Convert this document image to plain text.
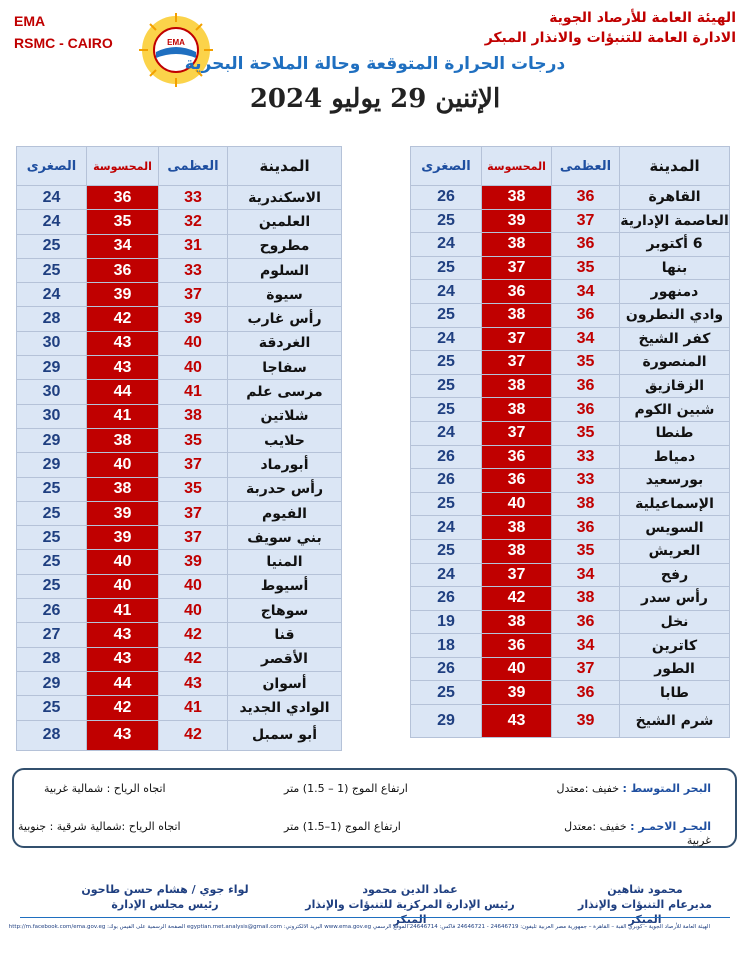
EMA
RSMC - CAIRO	EMA
الهيئة العامة للأرصاد الجوية
الادارة العامة للتنبؤات والانذار المبكر
درجات الحرارة المتوقعة وحالة الملاحة البحرية
الإثنين 29 يوليو 2024
المدينة	العظمى	المحسوسة	الصغرى
القاهرة	36	38	26
العاصمة الإدارية	37	39	25
6 أكتوبر	36	38	24
بنها	35	37	25
دمنهور	34	36	24
وادي النطرون	36	38	25
كفر الشيخ	34	37	24
المنصورة	35	37	25
الزقازيق	36	38	25
شبين الكوم	36	38	25
طنطا	35	37	24
دمياط	33	36	26
بورسعيد	33	36	26
الإسماعيلية	38	40	25
السويس	36	38	24
العريش	35	38	25
رفح	34	37	24
رأس سدر	38	42	26
نخل	36	38	19
كاترين	34	36	18
الطور	37	40	26
طابا	36	39	25
شرم الشيخ	39	43	29
المدينة	العظمى	المحسوسة	الصغرى
الاسكندرية	33	36	24
العلمين	32	35	24
مطروح	31	34	25
السلوم	33	36	25
سيوة	37	39	24
رأس غارب	39	42	28
الغردقة	40	43	30
سفاجا	40	43	29
مرسى علم	41	44	30
شلاتين	38	41	30
حلايب	35	38	29
أبورماد	37	40	29
رأس حدربة	35	38	25
الفيوم	37	39	25
بني سويف	37	39	25
المنيا	39	40	25
أسيوط	40	40	25
سوهاج	40	41	26
قنا	42	43	27
الأقصر	42	43	28
أسوان	43	44	29
الوادي الجديد	41	42	25
أبو سمبل	42	43	28
البحر المتوسط : خفيف :معتدل
ارتفاع الموج (1 – 1.5) متر
اتجاه الرياح : شمالية غربية
البحـر الاحمـر : خفيف :معتدل
غربية
ارتفاع الموج (1–1.5) متر
اتجاه الرياح :شمالية شرقية : جنوبية
محمود شاهين
مديرعام التنبؤات والإنذار المبكر
عماد الدين محمود
رئيس الإدارة المركزية للتنبؤات والإنذار المبكر
لواء جوي / هشام حسن طاحون
رئيس مجلس الإدارة
الهيئة العامة للأرصاد الجوية – كوبري القبة – القاهرة – جمهورية مصر العربية تليفون: 24646719 - 24646721 فاكس: 24646714 الموقع الرسمي www.ema.gov.eg البريد الالكتروني: egyptian.met.analysis@gmail.com الصفحة الرسمية على الفيس بوك: http://m.facebook.com/ema.gov.eg
